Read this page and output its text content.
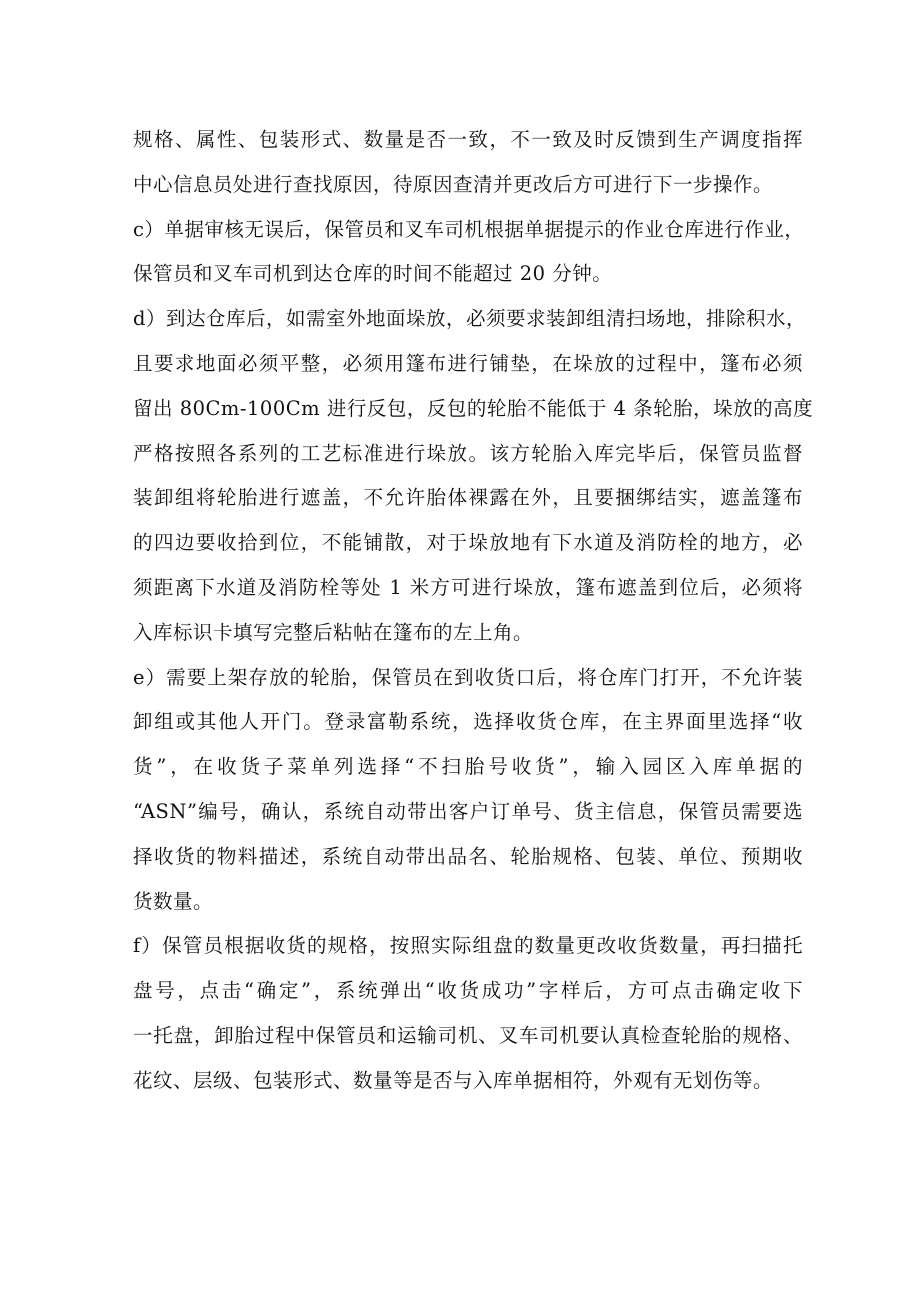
规格、属性、包装形式、数量是否一致，不一致及时反馈到生产调度指挥
中心信息员处进行查找原因，待原因查清并更改后方可进行下一步操作。
c）单据审核无误后，保管员和叉车司机根据单据提示的作业仓库进行作业，
保管员和叉车司机到达仓库的时间不能超过 20 分钟。
d）到达仓库后，如需室外地面垛放，必须要求装卸组清扫场地，排除积水，
且要求地面必须平整，必须用篷布进行铺垫，在垛放的过程中，篷布必须
留出 80Cm-100Cm 进行反包，反包的轮胎不能低于 4 条轮胎，垛放的高度
严格按照各系列的工艺标准进行垛放。该方轮胎入库完毕后，保管员监督
装卸组将轮胎进行遮盖，不允许胎体裸露在外，且要捆绑结实，遮盖篷布
的四边要收拾到位，不能铺散，对于垛放地有下水道及消防栓的地方，必
须距离下水道及消防栓等处 1 米方可进行垛放，篷布遮盖到位后，必须将
入库标识卡填写完整后粘帖在篷布的左上角。
e）需要上架存放的轮胎，保管员在到收货口后，将仓库门打开，不允许装
卸组或其他人开门。登录富勒系统，选择收货仓库，在主界面里选择“收
货”，在收货子菜单列选择“不扫胎号收货”，输入园区入库单据的
“ASN”编号，确认，系统自动带出客户订单号、货主信息，保管员需要选
择收货的物料描述，系统自动带出品名、轮胎规格、包装、单位、预期收
货数量。
f）保管员根据收货的规格，按照实际组盘的数量更改收货数量，再扫描托
盘号，点击“确定”，系统弹出“收货成功”字样后，方可点击确定收下
一托盘，卸胎过程中保管员和运输司机、叉车司机要认真检查轮胎的规格、
花纹、层级、包装形式、数量等是否与入库单据相符，外观有无划伤等。
